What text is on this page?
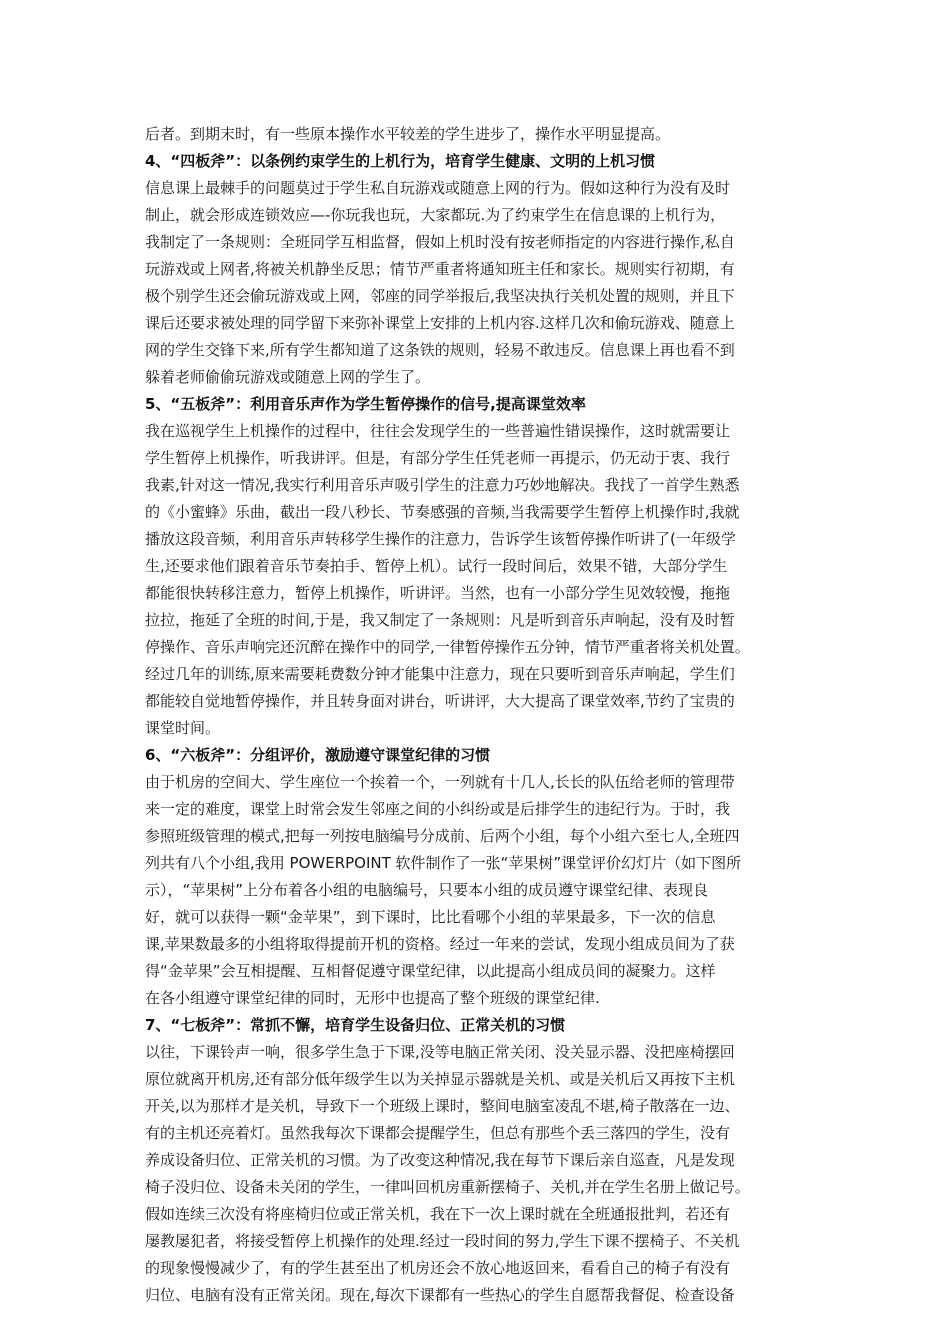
后者。到期末时，有一些原本操作水平较差的学生进步了，操作水平明显提高。
4、“四板斧”：以条例约束学生的上机行为，培育学生健康、文明的上机习惯
信息课上最棘手的问题莫过于学生私自玩游戏或随意上网的行为。假如这种行为没有及时
制止，就会形成连锁效应—-你玩我也玩，大家都玩.为了约束学生在信息课的上机行为，
我制定了一条规则：全班同学互相监督，假如上机时没有按老师指定的内容进行操作,私自
玩游戏或上网者,将被关机静坐反思；情节严重者将通知班主任和家长。规则实行初期，有
极个别学生还会偷玩游戏或上网，邻座的同学举报后,我坚决执行关机处置的规则，并且下
课后还要求被处理的同学留下来弥补课堂上安排的上机内容.这样几次和偷玩游戏、随意上
网的学生交锋下来,所有学生都知道了这条铁的规则，轻易不敢违反。信息课上再也看不到
躲着老师偷偷玩游戏或随意上网的学生了。
5、“五板斧”：利用音乐声作为学生暂停操作的信号,提高课堂效率
我在巡视学生上机操作的过程中，往往会发现学生的一些普遍性错误操作，这时就需要让
学生暂停上机操作，听我讲评。但是，有部分学生任凭老师一再提示，仍无动于衷、我行
我素,针对这一情况,我实行利用音乐声吸引学生的注意力巧妙地解决。我找了一首学生熟悉
的《小蜜蜂》乐曲，截出一段八秒长、节奏感强的音频,当我需要学生暂停上机操作时,我就
播放这段音频，利用音乐声转移学生操作的注意力，告诉学生该暂停操作听讲了(一年级学
生,还要求他们跟着音乐节奏拍手、暂停上机）。试行一段时间后，效果不错，大部分学生
都能很快转移注意力，暂停上机操作，听讲评。当然，也有一小部分学生见效较慢，拖拖
拉拉，拖延了全班的时间,于是，我又制定了一条规则：凡是听到音乐声响起，没有及时暂
停操作、音乐声响完还沉醉在操作中的同学,一律暂停操作五分钟，情节严重者将关机处置。
经过几年的训练,原来需要耗费数分钟才能集中注意力，现在只要听到音乐声响起，学生们
都能较自觉地暂停操作，并且转身面对讲台，听讲评，大大提高了课堂效率,节约了宝贵的
课堂时间。
6、“六板斧”：分组评价，激励遵守课堂纪律的习惯
由于机房的空间大、学生座位一个挨着一个，一列就有十几人,长长的队伍给老师的管理带
来一定的难度，课堂上时常会发生邻座之间的小纠纷或是后排学生的违纪行为。于时，我
参照班级管理的模式,把每一列按电脑编号分成前、后两个小组，每个小组六至七人,全班四
列共有八个小组,我用 POWERPOINT 软件制作了一张“苹果树”课堂评价幻灯片（如下图所
示），“苹果树”上分布着各小组的电脑编号，只要本小组的成员遵守课堂纪律、表现良
好，就可以获得一颗“金苹果”，到下课时，比比看哪个小组的苹果最多，下一次的信息
课,苹果数最多的小组将取得提前开机的资格。经过一年来的尝试，发现小组成员间为了获
得“金苹果”会互相提醒、互相督促遵守课堂纪律，以此提高小组成员间的凝聚力。这样
在各小组遵守课堂纪律的同时，无形中也提高了整个班级的课堂纪律.
7、“七板斧”：常抓不懈，培育学生设备归位、正常关机的习惯
以往，下课铃声一响，很多学生急于下课,没等电脑正常关闭、没关显示器、没把座椅摆回
原位就离开机房,还有部分低年级学生以为关掉显示器就是关机、或是关机后又再按下主机
开关,以为那样才是关机，导致下一个班级上课时，整间电脑室凌乱不堪,椅子散落在一边、
有的主机还亮着灯。虽然我每次下课都会提醒学生，但总有那些个丢三落四的学生，没有
养成设备归位、正常关机的习惯。为了改变这种情况,我在每节下课后亲自巡查，凡是发现
椅子没归位、设备未关闭的学生，一律叫回机房重新摆椅子、关机,并在学生名册上做记号。
假如连续三次没有将座椅归位或正常关机，我在下一次上课时就在全班通报批判，若还有
屡教屡犯者，将接受暂停上机操作的处理.经过一段时间的努力,学生下课不摆椅子、不关机
的现象慢慢减少了，有的学生甚至出了机房还会不放心地返回来，看看自己的椅子有没有
归位、电脑有没有正常关闭。现在,每次下课都有一些热心的学生自愿帮我督促、检查设备
